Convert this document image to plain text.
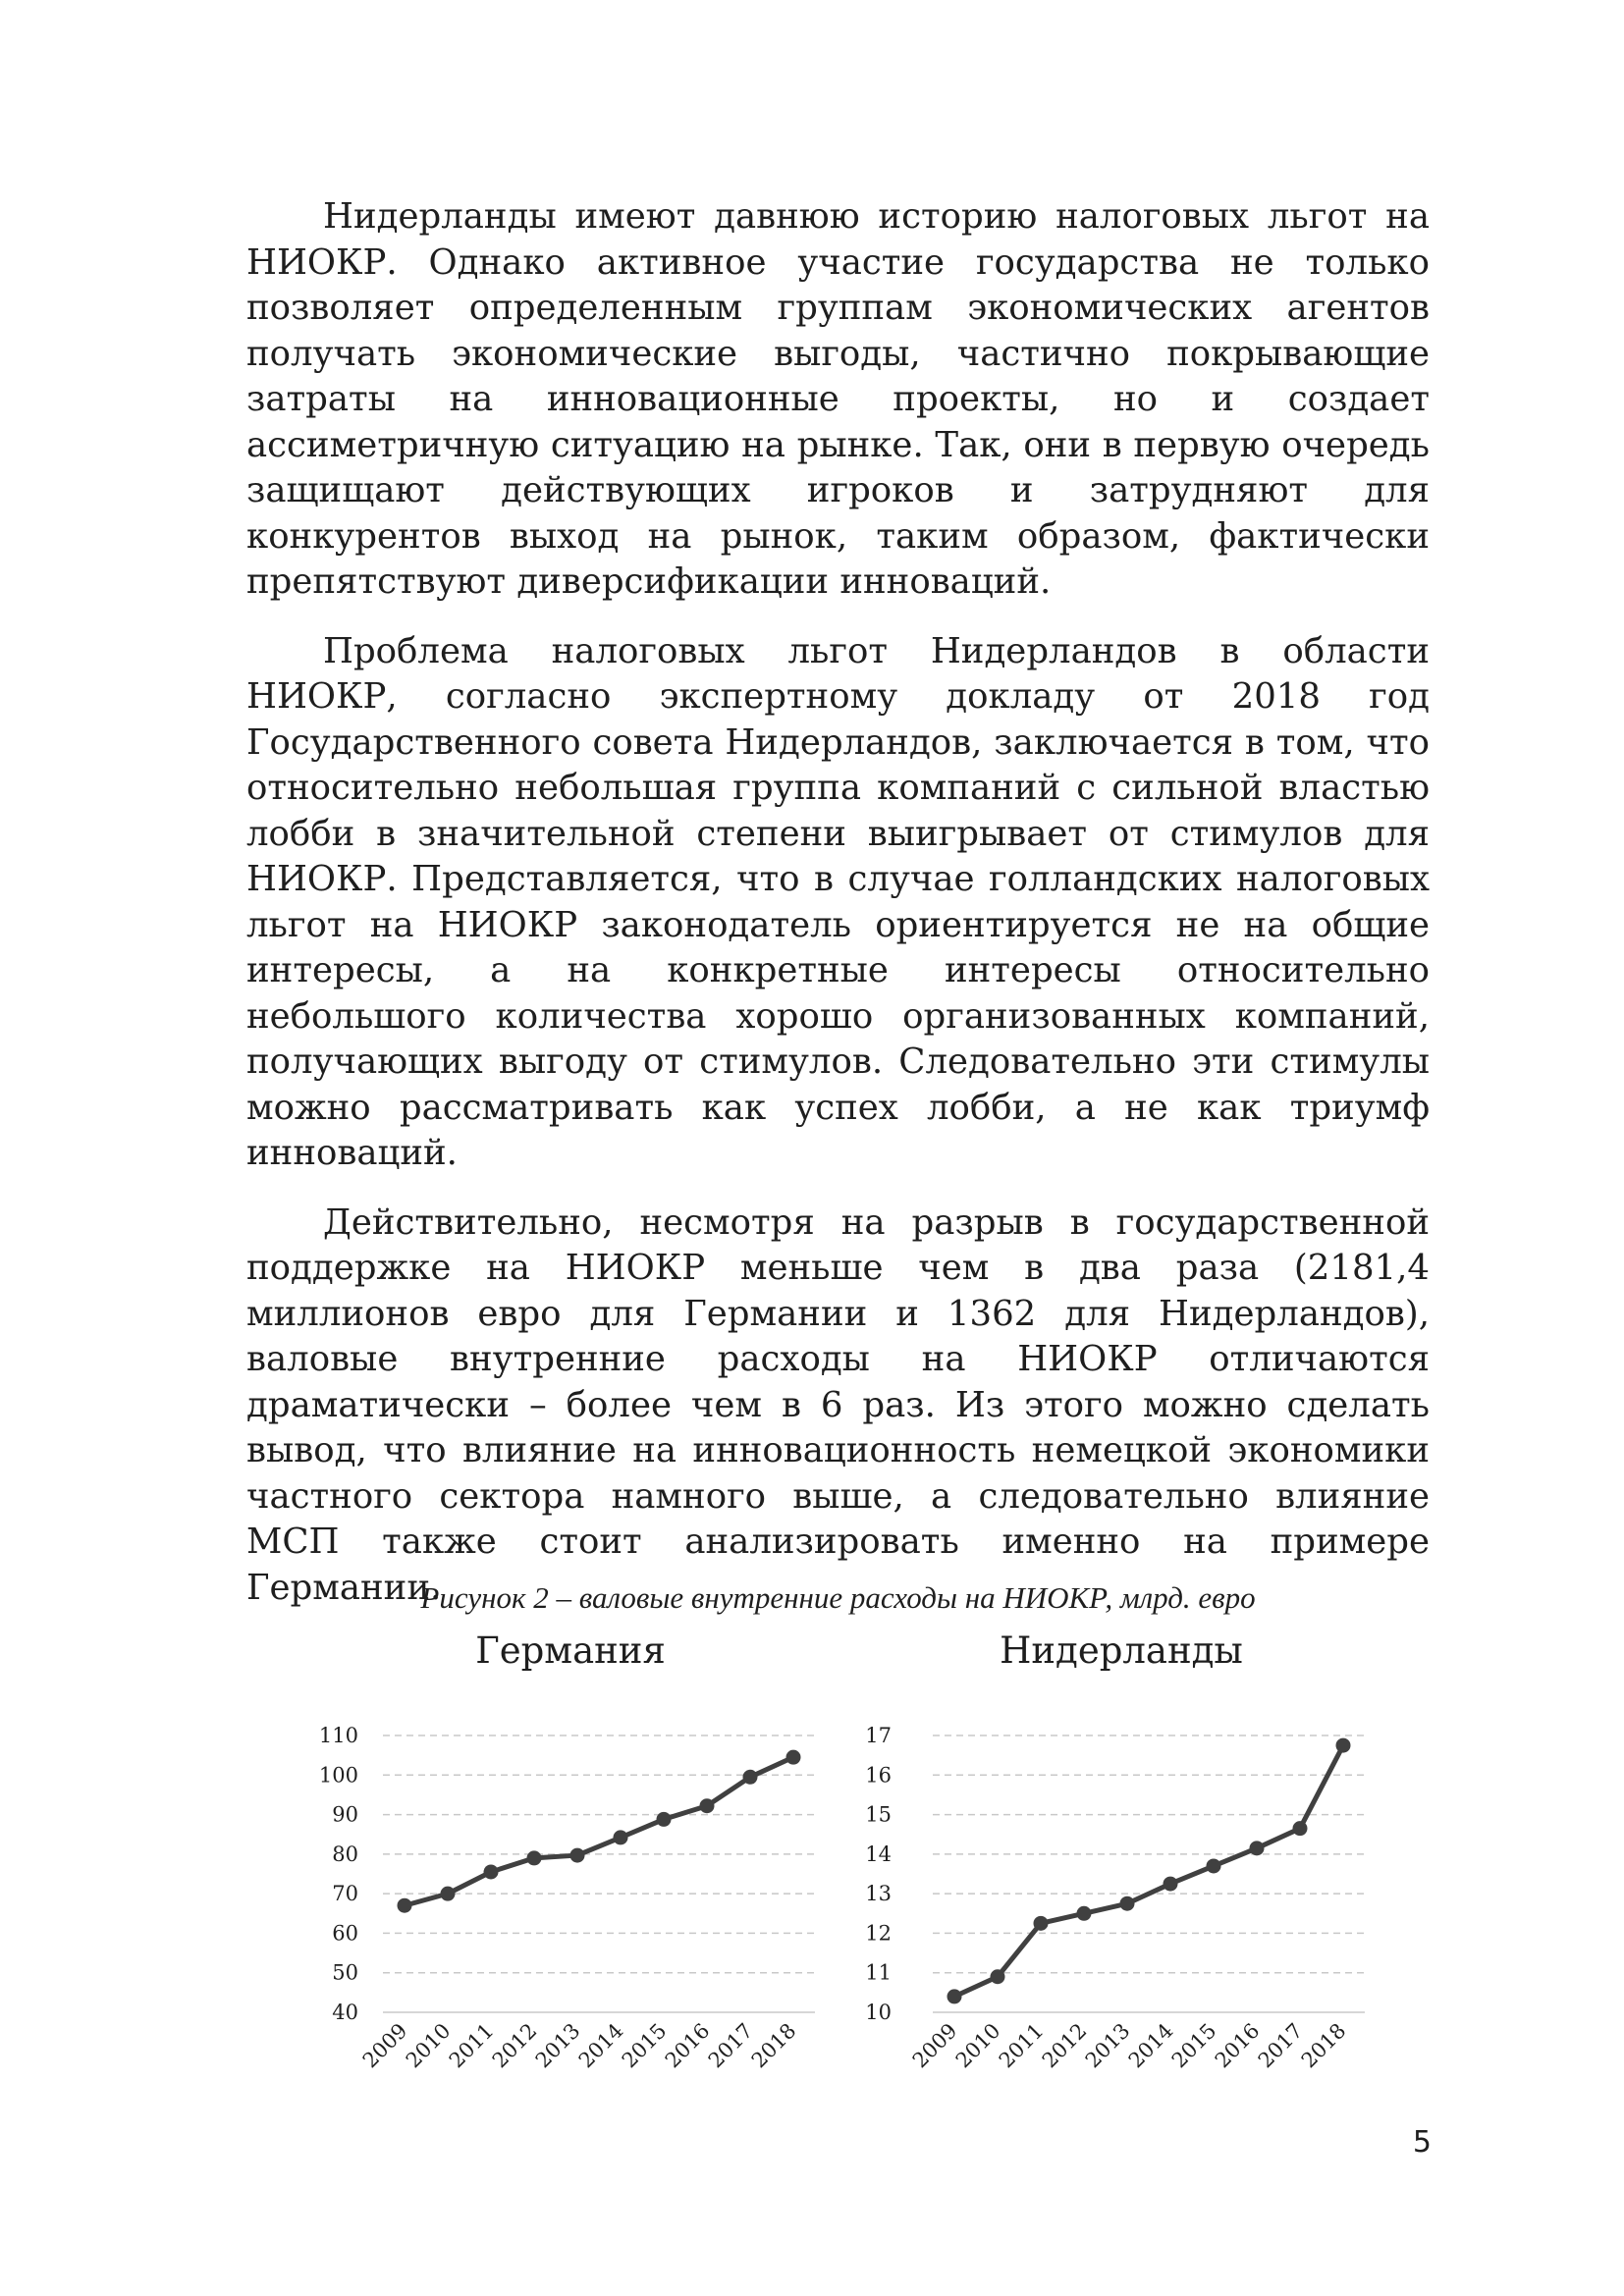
Нидерланды имеют давнюю историю налоговых льгот на НИОКР. Однако активное участие государства не только позволяет определенным группам экономических агентов получать экономические выгоды, частично покрывающие затраты на инновационные проекты, но и создает ассиметричную ситуацию на рынке. Так, они в первую очередь защищают действующих игроков и затрудняют для конкурентов выход на рынок, таким образом, фактически препятствуют диверсификации инноваций.

Проблема налоговых льгот Нидерландов в области НИОКР, согласно экспертному докладу от 2018 год Государственного совета Нидерландов, заключается в том, что относительно небольшая группа компаний с сильной властью лобби в значительной степени выигрывает от стимулов для НИОКР. Представляется, что в случае голландских налоговых льгот на НИОКР законодатель ориентируется не на общие интересы, а на конкретные интересы относительно небольшого количества хорошо организованных компаний, получающих выгоду от стимулов. Следовательно эти стимулы можно рассматривать как успех лобби, а не как триумф инноваций.

Действительно, несмотря на разрыв в государственной поддержке на НИОКР меньше чем в два раза (2181,4 миллионов евро для Германии и 1362 для Нидерландов), валовые внутренние расходы на НИОКР отличаются драматически – более чем в 6 раз. Из этого можно сделать вывод, что влияние на инновационность немецкой экономики частного сектора намного выше, а следовательно влияние МСП также стоит анализировать именно на примере Германии.

Рисунок 2 – валовые внутренние расходы на НИОКР, млрд. евро
Германия	Нидерланды
40
50
60
70
80
90
100
110
2009
2010
2011
2012
2013
2014
2015
2016
2017
2018
10
11
12
13
14
15
16
17
2009
2010
2011
2012
2013
2014
2015
2016
2017
2018
5
